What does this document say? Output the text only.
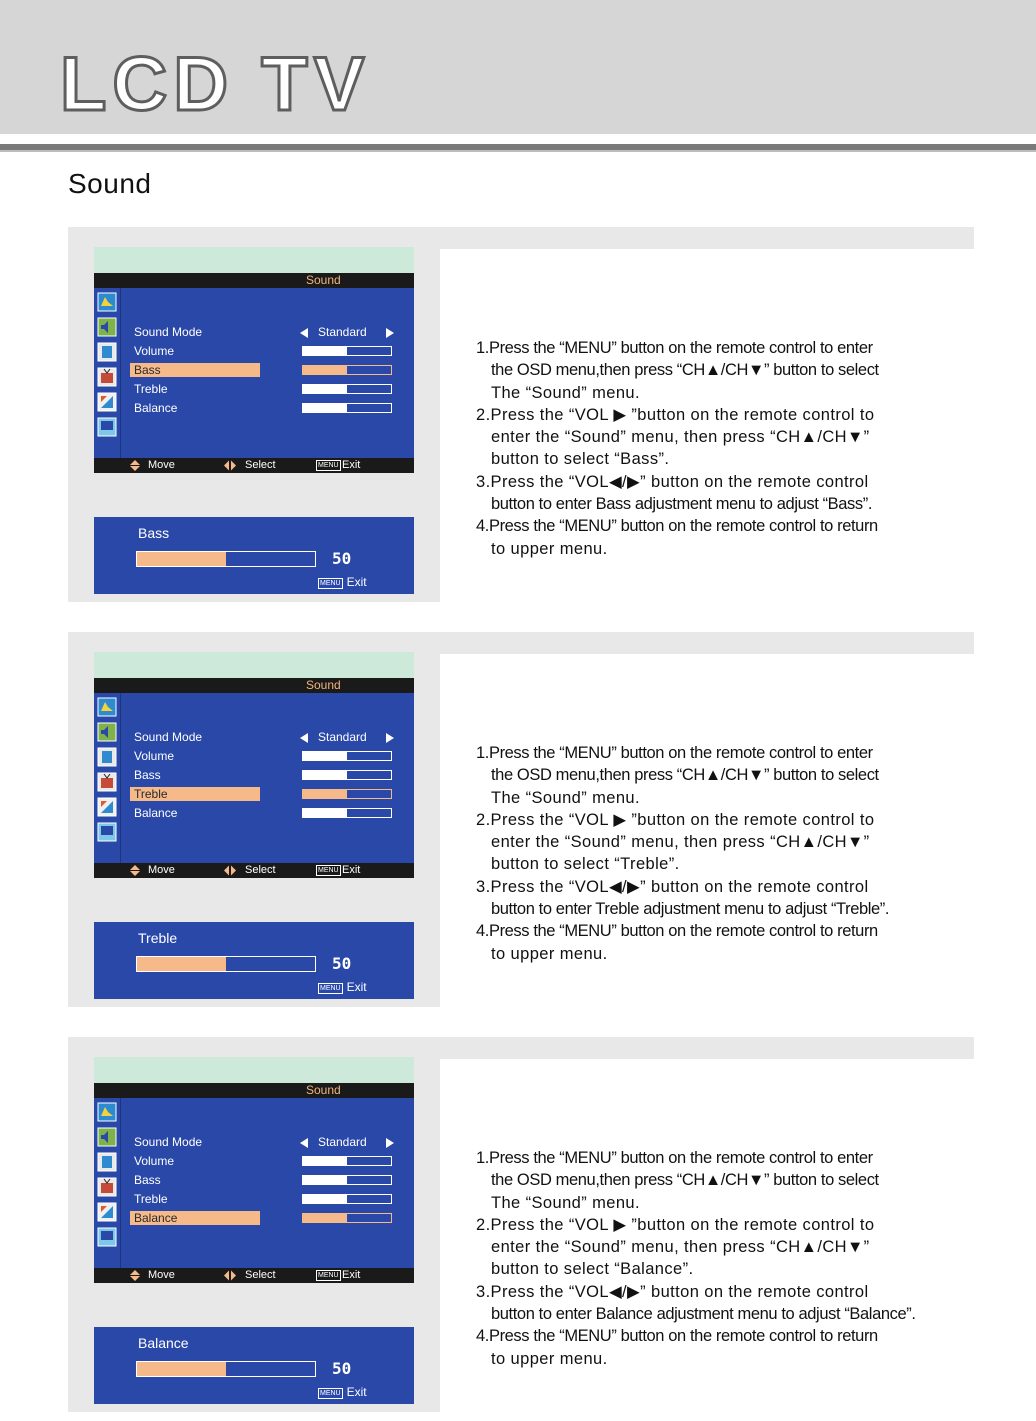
LCD TV
Sound
Sound
Sound Mode	Standard
Volume
Bass
Treble
Balance
Move	Select	MENU Exit
Bass
50
MENU Exit

1.Press the “MENU” button on the remote control to enter

the OSD menu,then press “CH▲/CH▼” button to select

The “Sound” menu.

2.Press the “VOL ▶ ”button on the remote control to

enter the “Sound” menu, then press “CH▲/CH▼”

button to select “Bass”.

3.Press the “VOL◀/▶” button on the remote control

button to enter Bass adjustment menu to adjust “Bass”.

4.Press the “MENU” button on the remote control to return

to upper menu.

Sound
Sound Mode	Standard
Volume
Bass
Treble
Balance
Move	Select	MENU Exit
Treble
50
MENU Exit

1.Press the “MENU” button on the remote control to enter

the OSD menu,then press “CH▲/CH▼” button to select

The “Sound” menu.

2.Press the “VOL ▶ ”button on the remote control to

enter the “Sound” menu, then press “CH▲/CH▼”

button to select “Treble”.

3.Press the “VOL◀/▶” button on the remote control

button to enter Treble adjustment menu to adjust “Treble”.

4.Press the “MENU” button on the remote control to return

to upper menu.

Sound
Sound Mode	Standard
Volume
Bass
Treble
Balance
Move	Select	MENU Exit
Balance
50
MENU Exit

1.Press the “MENU” button on the remote control to enter

the OSD menu,then press “CH▲/CH▼” button to select

The “Sound” menu.

2.Press the “VOL ▶ ”button on the remote control to

enter the “Sound” menu, then press “CH▲/CH▼”

button to select “Balance”.

3.Press the “VOL◀/▶” button on the remote control

button to enter Balance adjustment menu to adjust “Balance”.

4.Press the “MENU” button on the remote control to return

to upper menu.
